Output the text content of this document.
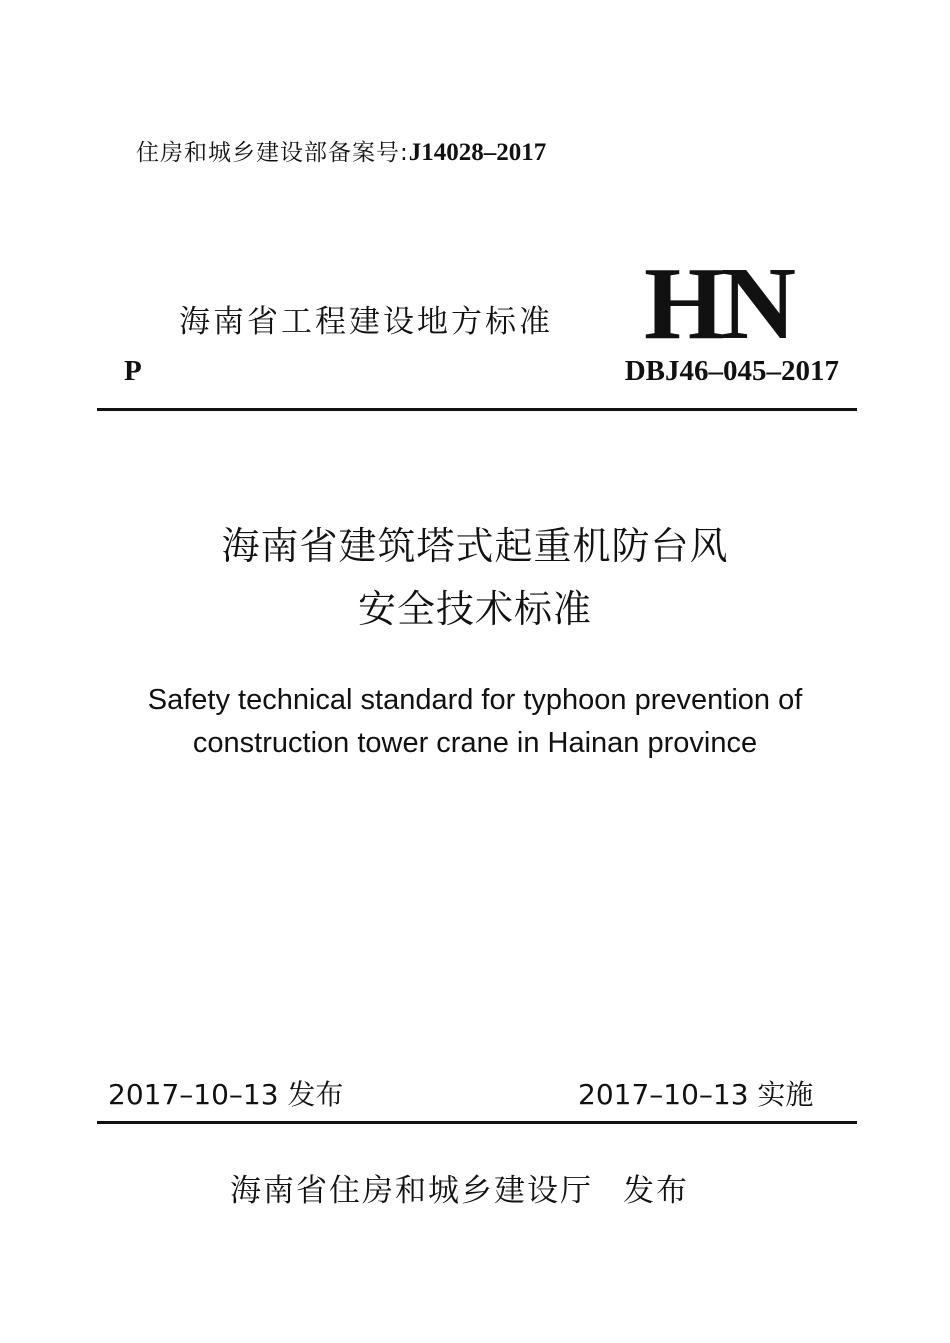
住房和城乡建设部备案号:J14028–2017
海南省工程建设地方标准 HN
P	DBJ46–045–2017
海南省建筑塔式起重机防台风
安全技术标准
Safety technical standard for typhoon prevention of
construction tower crane in Hainan province
2017–10–13 发布	2017–10–13 实施
海南省住房和城乡建设厅 发布
